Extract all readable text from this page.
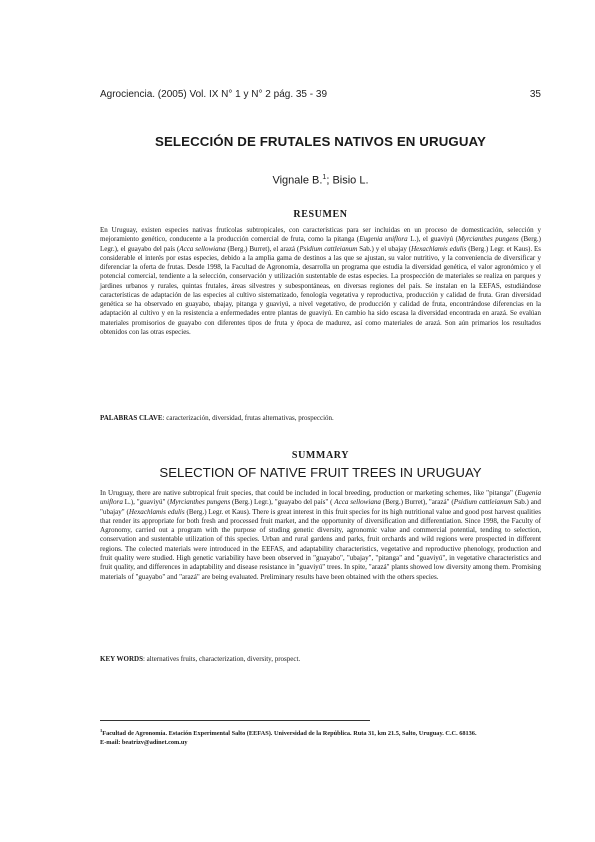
Agrociencia. (2005) Vol. IX N° 1 y N° 2 pág. 35 - 39	35
SELECCIÓN DE FRUTALES NATIVOS EN URUGUAY
Vignale B.$^1$; Bisio L.
RESUMEN
En Uruguay, existen especies nativas frutícolas subtropicales, con características para ser incluidas en un proceso de domesticación, selección y mejoramiento genético, conducente a la producción comercial de fruta, como la pitanga (Eugenia uniflora L.), el guaviyú (Myrcianthes pungens (Berg.) Legr.), el guayabo del país (Acca sellowiana (Berg.) Burret), el arazá (Psidium cattleianum Sab.) y el ubajay (Hexachlamis edulis (Berg.) Legr. et Kaus). Es considerable el interés por estas especies, debido a la amplia gama de destinos a las que se ajustan, su valor nutritivo, y la conveniencia de diversificar y diferenciar la oferta de frutas. Desde 1998, la Facultad de Agronomía, desarrolla un programa que estudia la diversidad genética, el valor agronómico y el potencial comercial, tendiente a la selección, conservación y utilización sustentable de estas especies. La prospección de materiales se realiza en parques y jardines urbanos y rurales, quintas frutales, áreas silvestres y subespontáneas, en diversas regiones del país. Se instalan en la EEFAS, estudiándose características de adaptación de las especies al cultivo sistematizado, fenología vegetativa y reproductiva, producción y calidad de fruta. Gran diversidad genética se ha observado en guayabo, ubajay, pitanga y guaviyú, a nivel vegetativo, de producción y calidad de fruta, encontrándose diferencias en la adaptación al cultivo y en la resistencia a enfermedades entre plantas de guaviyú. En cambio ha sido escasa la diversidad encontrada en arazá. Se evalúan materiales promisorios de guayabo con diferentes tipos de fruta y época de madurez, así como materiales de arazá. Son aún primarios los resultados obtenidos con las otras especies.
PALABRAS CLAVE: caracterización, diversidad, frutas alternativas, prospección.
SUMMARY
SELECTION OF NATIVE FRUIT TREES IN URUGUAY
In Uruguay, there are native subtropical fruit species, that could be included in local breeding, production or marketing schemes, like "pitanga" (Eugenia uniflora L.), "guaviyú" (Myrcianthes pungens (Berg.) Legr.), "guayabo del país" ( Acca sellowiana (Berg.) Burret), "arazá" (Psidium cattleianum Sab.) and "ubajay" (Hexachlamis edulis (Berg.) Legr. et Kaus). There is great interest in this fruit species for its high nutritional value and good post harvest qualities that render its appropriate for both fresh and processed fruit market, and the opportunity of diversification and differentiation. Since 1998, the Faculty of Agronomy, carried out a program with the purpose of studing genetic diversity, agronomic value and commercial potential, tending to selection, conservation and sustentable utilization of this species. Urban and rural gardens and parks, fruit orchards and wild regions were prospected in different regions. The colected materials were introduced in the EEFAS, and adaptability characteristics, vegetative and reproductive phenology, production and fruit quality were studied. High genetic variability have been observed in "guayabo", "ubajay", "pitanga" and "guaviyú", in vegetative characteristics and fruit quality, and differences in adaptability and disease resistance in "guaviyú" trees. In spite, "arazá" plants showed low diversity among them. Promising materials of "guayabo" and "arazá" are being evaluated. Preliminary results have been obtained with the others species.
KEY WORDS: alternatives fruits, characterization, diversity, prospect.
$^1$Facultad de Agronomía. Estación Experimental Salto (EEFAS). Universidad de la República. Ruta 31, km 21.5, Salto, Uruguay. C.C. 68136.
E-mail: beatrizv@adinet.com.uy
